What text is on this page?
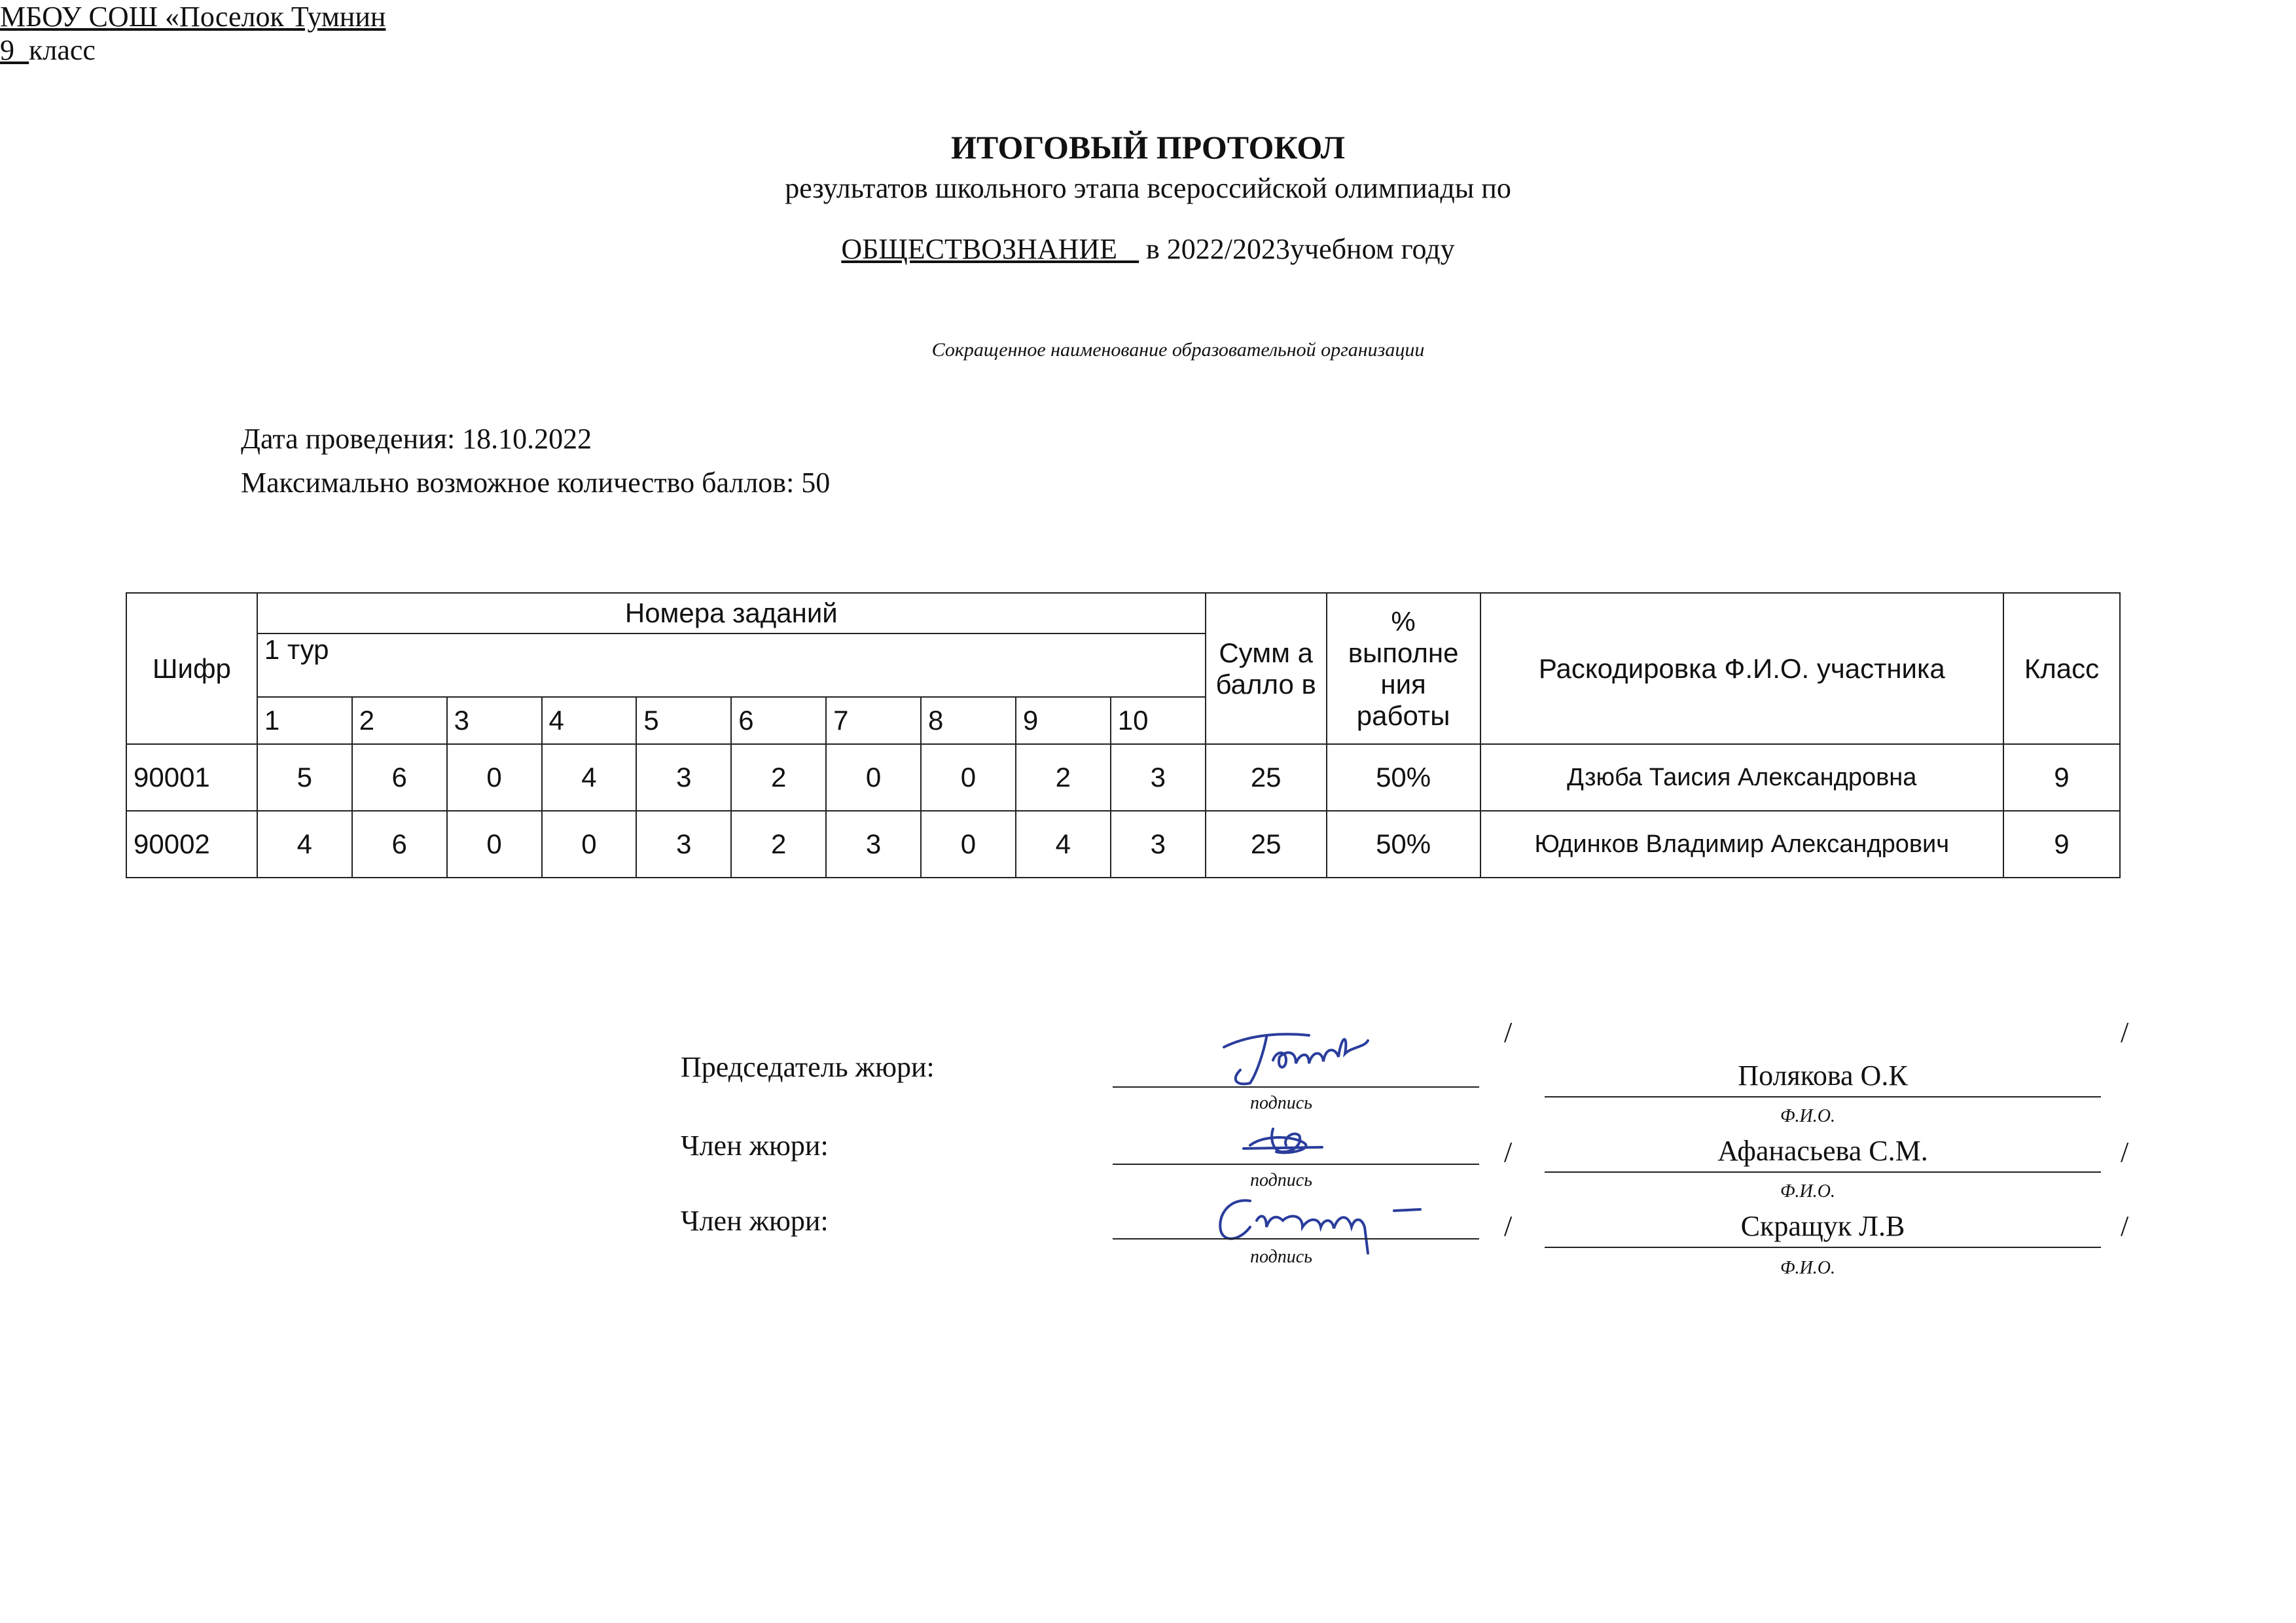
ИТОГОВЫЙ ПРОТОКОЛ
результатов школьного этапа всероссийской олимпиады по
ОБЩЕСТВОЗНАНИЕ _ в 2022/2023учебном году
МБОУ СОШ «Поселок Тумнин
Сокращенное наименование образовательной организации
9_класс
Дата проведения: 18.10.2022
Максимально возможное количество баллов: 50
Шифр	Номера заданий										Сумм а балло в	% выполне ния работы	Раскодировка Ф.И.О. участника	Класс
	1 тур													
	1	2	3	4	5	6	7	8	9	10				
90001	5	6	0	4	3	2	0	0	2	3	25	50%	Дзюба Таисия Александровна	9
90002	4	6	0	0	3	2	3	0	4	3	25	50%	Юдинков Владимир Александрович	9
Председатель жюри:
/
Полякова О.К
/
подпись
Ф.И.О.
Член жюри:	/	Афанасьева С.М.	/
подпись
Ф.И.О.
Член жюри:	/	Скращук Л.В	/
подпись
Ф.И.О.
